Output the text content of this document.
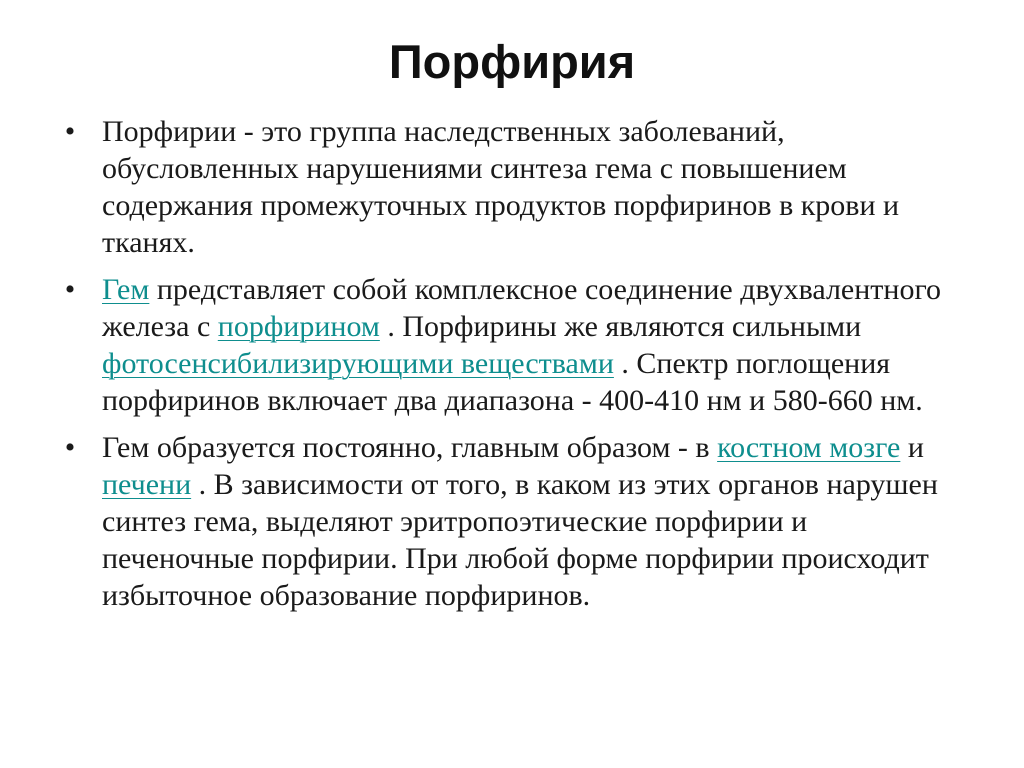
Порфирия
• Порфирии - это группа наследственных заболеваний, обусловленных нарушениями синтеза гема с повышением содержания промежуточных продуктов порфиринов в крови и тканях.
• Гем представляет собой комплексное соединение двухвалентного железа с порфирином . Порфирины же являются сильными фотосенсибилизирующими веществами . Спектр поглощения порфиринов включает два диапазона - 400-410 нм и 580-660 нм.
• Гем образуется постоянно, главным образом - в костном мозге и печени . В зависимости от того, в каком из этих органов нарушен синтез гема, выделяют эритропоэтические порфирии и печеночные порфирии. При любой форме порфирии происходит избыточное образование порфиринов.
